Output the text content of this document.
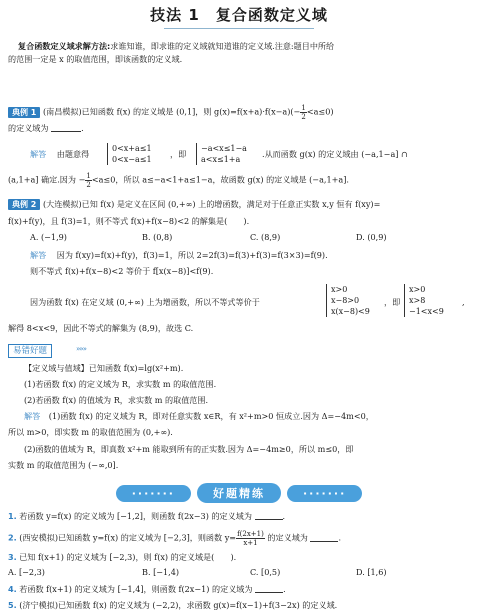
技法 1　复合函数定义域
复合函数定义域求解方法:求谁知谁，即求谁的定义域就知道谁的定义域.注意:题目中所给
的范围一定是 x 的取值范围，即该函数的定义域.
典例 1 (南昌模拟)已知函数 f(x) 的定义域是 (0,1]，则 $g(x)=f(x+a)\cdot f(x-a)(- \frac{1}{2} <a\le 0)$
的定义域为	.
解答 由题意得
0<x+a≤1
0<x−a≤1
，即
−a<x≤1−a
a<x≤1+a
.从而函数 g(x) 的定义域由 (−a,1−a] ∩
(a,1+a] 确定.因为 − $\frac{1}{2} <a\le 0$，所以 a≤−a<1+a≤1−a，故函数 g(x) 的定义域是 (−a,1+a].
典例 2 (大连模拟)已知 f(x) 是定义在区间 (0,+∞) 上的增函数，满足对于任意正实数 x,y 恒有 f(xy)=
f(x)+f(y)，且 f(3)=1，则不等式 f(x)+f(x−8)<2 的解集是(　　).
A. (−1,9)	B. (0,8)	C. (8,9)	D. (0,9)
解答 因为 f(xy)=f(x)+f(y)，f(3)=1，所以 2=2f(3)=f(3)+f(3)=f(3×3)=f(9).
则不等式 f(x)+f(x−8)<2 等价于 f[x(x−8)]<f(9).
因为函数 f(x) 在定义域 (0,+∞) 上为增函数，所以不等式等价于
x>0
x−8>0
x(x−8)<9
，即
x>0
x>8
−1<x<9
,
解得 8<x<9，因此不等式的解集为 (8,9)，故选 C.
易错好题	»»»
【定义域与值域】已知函数 f(x)=lg(x²+m).
(1)若函数 f(x) 的定义域为 R，求实数 m 的取值范围.
(2)若函数 f(x) 的值域为 R，求实数 m 的取值范围.
解答 (1)函数 f(x) 的定义域为 R，即对任意实数 x∈R，有 x²+m>0 恒成立.因为 Δ=−4m<0，
所以 m>0，即实数 m 的取值范围为 (0,+∞).
(2)函数的值域为 R，即真数 x²+m 能取到所有的正实数.因为 Δ=−4m≥0，所以 m≤0，即
实数 m 的取值范围为 (−∞,0].
·······	好题精练	·······
1. 若函数 y=f(x) 的定义域为 [−1,2]，则函数 f(2x−3) 的定义域为	.
2. (西安模拟)已知函数 y=f(x) 的定义域为 [−2,3]，则函数 $y= \frac{f(2x+1)}{x+1}$ 的定义域为	.
3. 已知 f(x+1) 的定义域为 [−2,3)，则 f(x) 的定义域是(　　).
A. [−2,3)	B. [−1,4)	C. [0,5)	D. [1,6)
4. 若函数 f(x+1) 的定义域为 [−1,4]，则函数 f(2x−1) 的定义域为	.
5. (济宁模拟)已知函数 f(x) 的定义域为 (−2,2)，求函数 g(x)=f(x−1)+f(3−2x) 的定义域.
